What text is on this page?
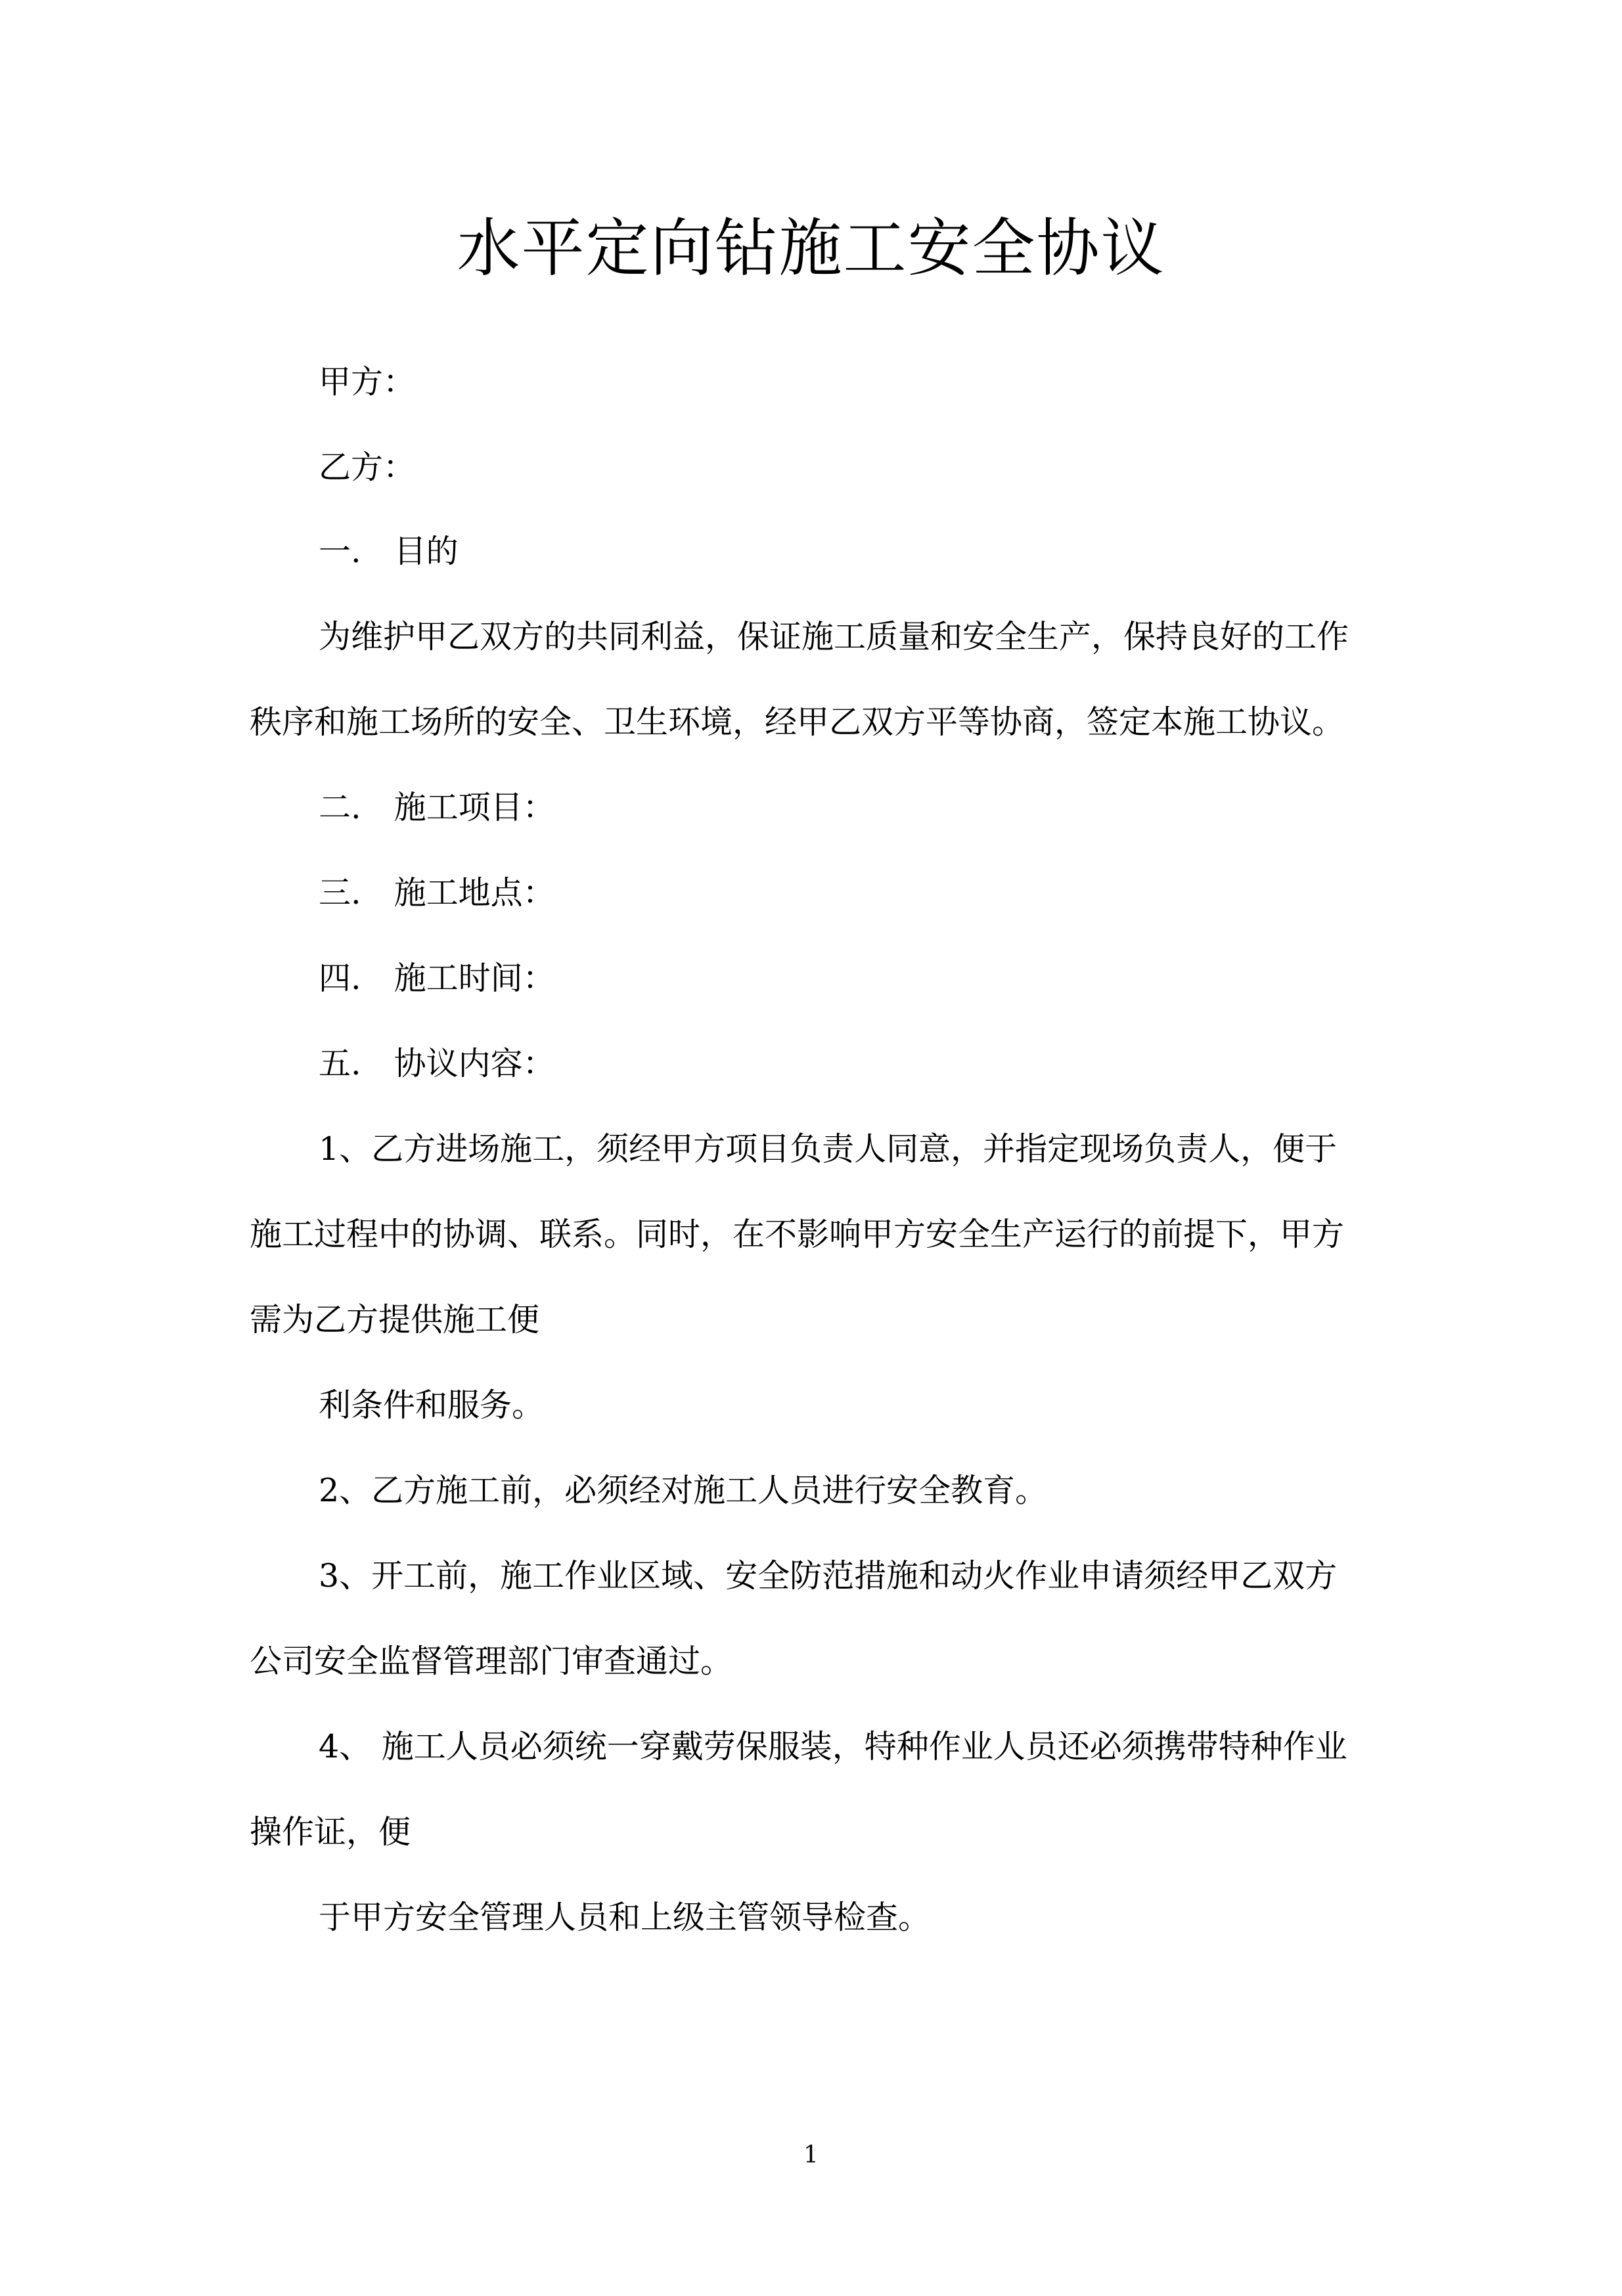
水平定向钻施工安全协议

甲方：

乙方：

一. 目的

为维护甲乙双方的共同利益，保证施工质量和安全生产，保持良好的工作

秩序和施工场所的安全、卫生环境，经甲乙双方平等协商，签定本施工协议。

二. 施工项目：

三. 施工地点：

四. 施工时间：

五. 协议内容：

1、乙方进场施工，须经甲方项目负责人同意，并指定现场负责人，便于

施工过程中的协调、联系。同时，在不影响甲方安全生产运行的前提下，甲方

需为乙方提供施工便

利条件和服务。

2、乙方施工前，必须经对施工人员进行安全教育。

3、开工前，施工作业区域、安全防范措施和动火作业申请须经甲乙双方

公司安全监督管理部门审查通过。

4、 施工人员必须统一穿戴劳保服装，特种作业人员还必须携带特种作业

操作证，便

于甲方安全管理人员和上级主管领导检查。

1
